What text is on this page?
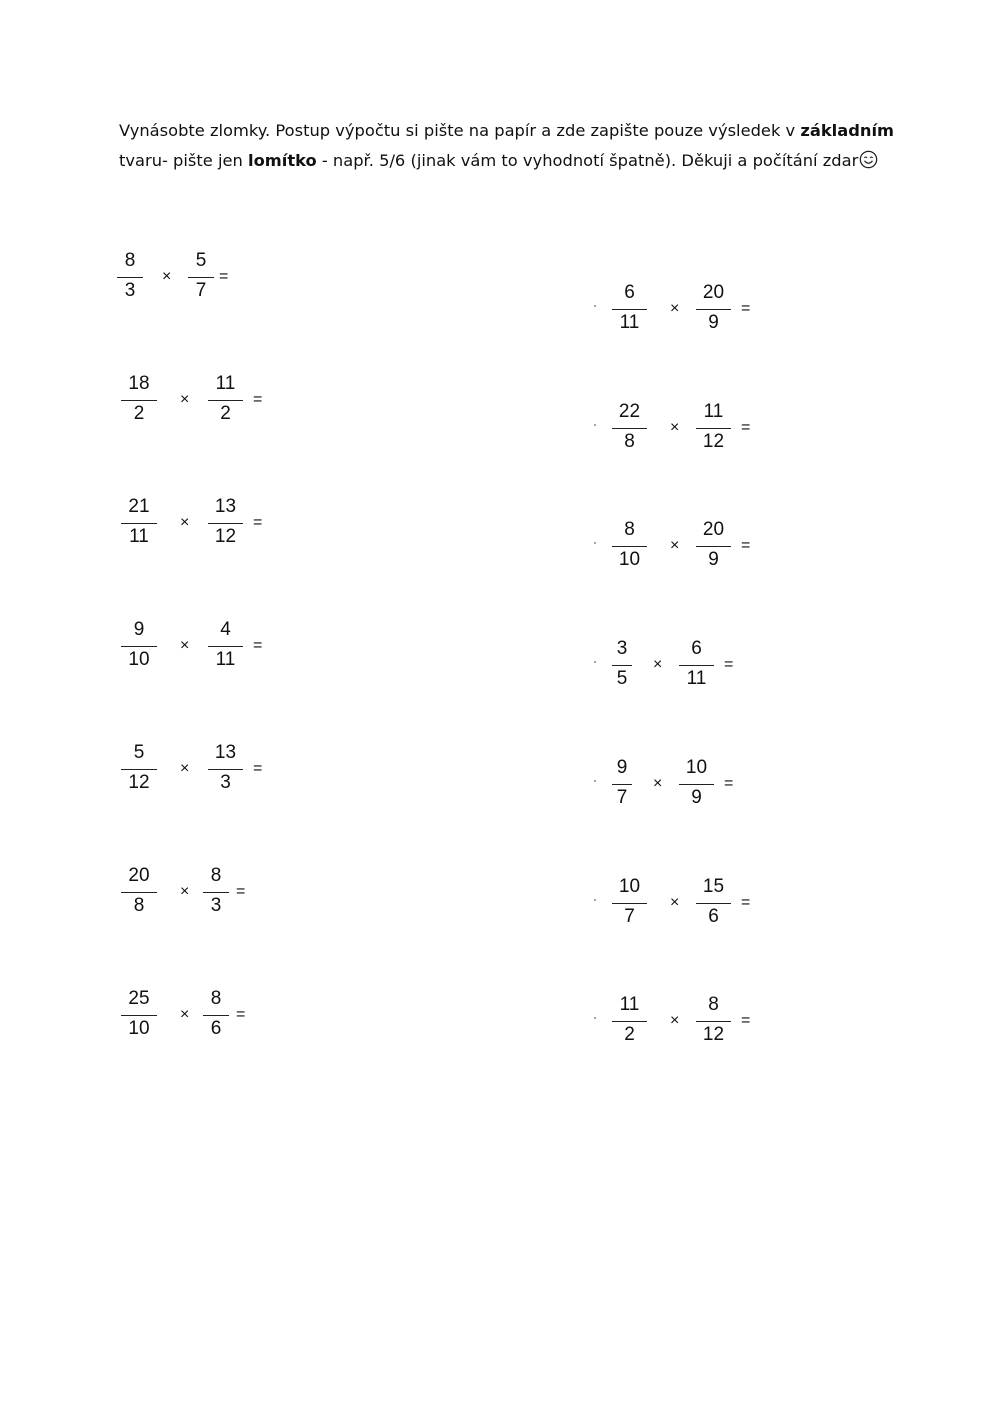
Vynásobte zlomky. Postup výpočtu si pište na papír a zde zapište pouze výsledek v základním tvaru- pište jen lomítko - např. 5/6 (jinak vám to vyhodnotí špatně). Děkuji a počítání zdar
8
3
×
5
7
=
18
2
×
11
2
=
21
11
×
13
12
=
9
10
×
4
11
=
5
12
×
13
3
=
20
8
×
8
3
=
25
10
×
8
6
=
6
11
×
20
9
=
22
8
×
11
12
=
8
10
×
20
9
=
3
5
×
6
11
=
9
7
×
10
9
=
10
7
×
15
6
=
11
2
×
8
12
=
